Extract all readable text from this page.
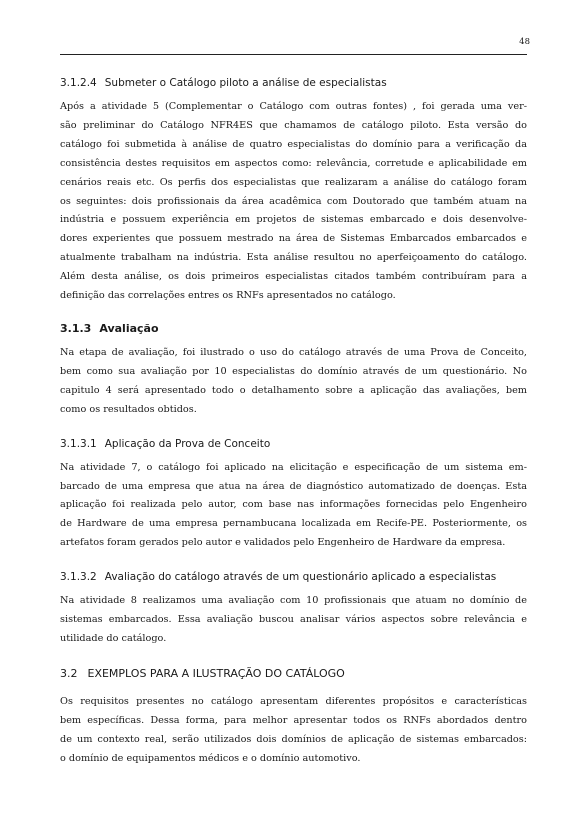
48
3.1.2.4 Submeter o Catálogo piloto a análise de especialistas

Após a atividade 5 (Complementar o Catálogo com outras fontes) , foi gerada uma ver-
são preliminar do Catálogo NFR4ES que chamamos de catálogo piloto. Esta versão do
catálogo foi submetida à análise de quatro especialistas do domínio para a verificação da
consistência destes requisitos em aspectos como: relevância, corretude e aplicabilidade em
cenários reais etc. Os perfis dos especialistas que realizaram a análise do catálogo foram
os seguintes: dois profissionais da área acadêmica com Doutorado que também atuam na
indústria e possuem experiência em projetos de sistemas embarcado e dois desenvolve-
dores experientes que possuem mestrado na área de Sistemas Embarcados embarcados e
atualmente trabalham na indústria. Esta análise resultou no aperfeiçoamento do catálogo.
Além desta análise, os dois primeiros especialistas citados também contribuíram para a
definição das correlações entres os RNFs apresentados no catálogo.

3.1.3 Avaliação

Na etapa de avaliação, foi ilustrado o uso do catálogo através de uma Prova de Conceito,
bem como sua avaliação por 10 especialistas do domínio através de um questionário. No
capitulo 4 será apresentado todo o detalhamento sobre a aplicação das avaliações, bem
como os resultados obtidos.

3.1.3.1 Aplicação da Prova de Conceito

Na atividade 7, o catálogo foi aplicado na elicitação e especificação de um sistema em-
barcado de uma empresa que atua na área de diagnóstico automatizado de doenças. Esta
aplicação foi realizada pelo autor, com base nas informações fornecidas pelo Engenheiro
de Hardware de uma empresa pernambucana localizada em Recife-PE. Posteriormente, os
artefatos foram gerados pelo autor e validados pelo Engenheiro de Hardware da empresa.

3.1.3.2 Avaliação do catálogo através de um questionário aplicado a especialistas

Na atividade 8 realizamos uma avaliação com 10 profissionais que atuam no domínio de
sistemas embarcados. Essa avaliação buscou analisar vários aspectos sobre relevância e
utilidade do catálogo.

3.2 EXEMPLOS PARA A ILUSTRAÇÃO DO CATÁLOGO

Os requisitos presentes no catálogo apresentam diferentes propósitos e características
bem específicas. Dessa forma, para melhor apresentar todos os RNFs abordados dentro
de um contexto real, serão utilizados dois domínios de aplicação de sistemas embarcados:
o domínio de equipamentos médicos e o domínio automotivo.
